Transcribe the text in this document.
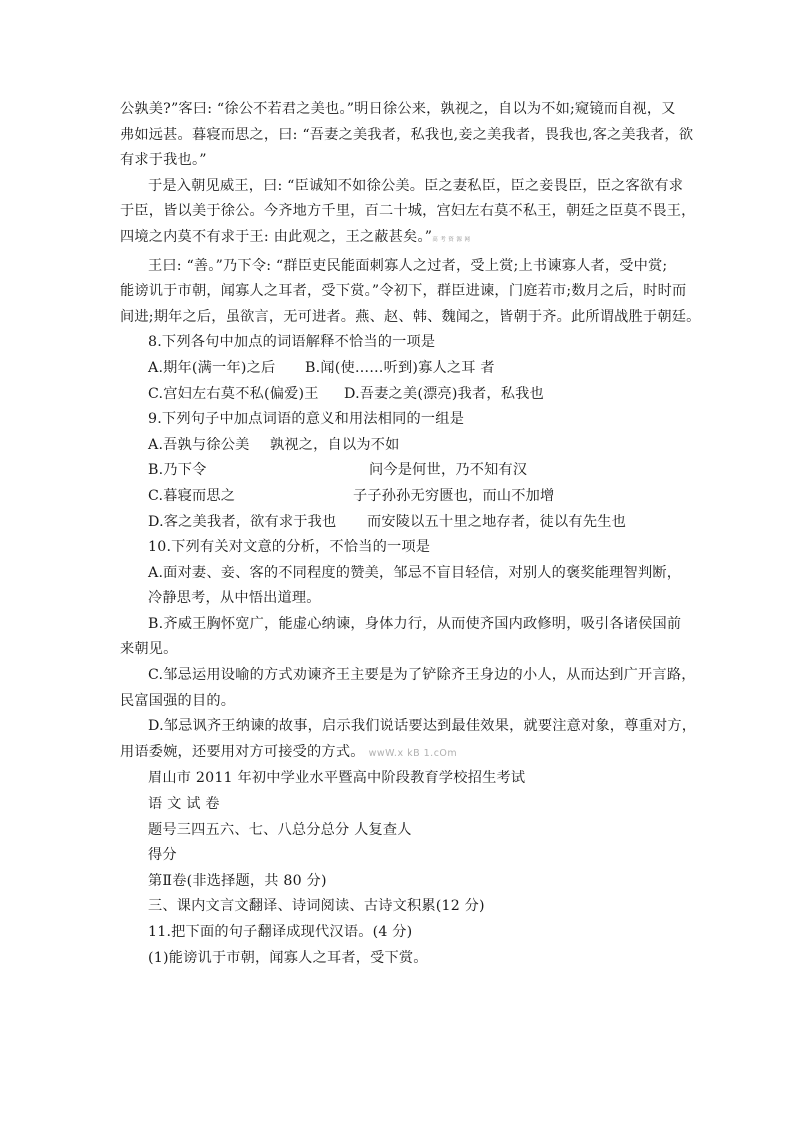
公孰美?”客曰: “徐公不若君之美也。”明日徐公来，孰视之，自以为不如;窥镜而自视，又

弗如远甚。暮寝而思之，曰: “吾妻之美我者，私我也,妾之美我者，畏我也,客之美我者，欲

有求于我也。”

于是入朝见威王，曰: “臣诚知不如徐公美。臣之妻私臣，臣之妾畏臣，臣之客欲有求

于臣，皆以美于徐公。今齐地方千里，百二十城，宫妇左右莫不私王，朝廷之臣莫不畏王，

四境之内莫不有求于王: 由此观之，王之蔽甚矣。”高 考 资 源 网

王曰: “善。”乃下令: “群臣吏民能面刺寡人之过者，受上赏;上书谏寡人者，受中赏;

能谤讥于市朝，闻寡人之耳者，受下赏。”令初下，群臣进谏，门庭若市;数月之后，时时而

间进;期年之后，虽欲言，无可进者。燕、赵、韩、魏闻之，皆朝于齐。此所谓战胜于朝廷。

8.下列各句中加点的词语解释不恰当的一项是

A.期年(满一年)之后	B.闻(使……听到)寡人之耳 者

C.宫妇左右莫不私(偏爱)王	D.吾妻之美(漂亮)我者，私我也

9.下列句子中加点词语的意义和用法相同的一组是

A.吾孰与徐公美	孰视之，自以为不如

B.乃下令	问今是何世，乃不知有汉

C.暮寝而思之	子子孙孙无穷匮也，而山不加增

D.客之美我者，欲有求于我也	而安陵以五十里之地存者，徒以有先生也

10.下列有关对文意的分析，不恰当的一项是

A.面对妻、妾、客的不同程度的赞美，邹忌不盲目轻信，对别人的褒奖能理智判断，

冷静思考，从中悟出道理。

B.齐威王胸怀宽广，能虚心纳谏，身体力行，从而使齐国内政修明，吸引各诸侯国前

来朝见。

C.邹忌运用设喻的方式劝谏齐王主要是为了铲除齐王身边的小人，从而达到广开言路，

民富国强的目的。

D.邹忌讽齐王纳谏的故事，启示我们说话要达到最佳效果，就要注意对象，尊重对方，

用语委婉，还要用对方可接受的方式。 wwW.x kB 1.cOm

眉山市 2011 年初中学业水平暨高中阶段教育学校招生考试

语 文 试 卷

题号三四五六、七、八总分总分 人复查人

得分

第Ⅱ卷(非选择题，共 80 分)

三、课内文言文翻译、诗词阅读、古诗文积累(12 分)

11.把下面的句子翻译成现代汉语。(4 分)

(1)能谤讥于市朝，闻寡人之耳者，受下赏。
